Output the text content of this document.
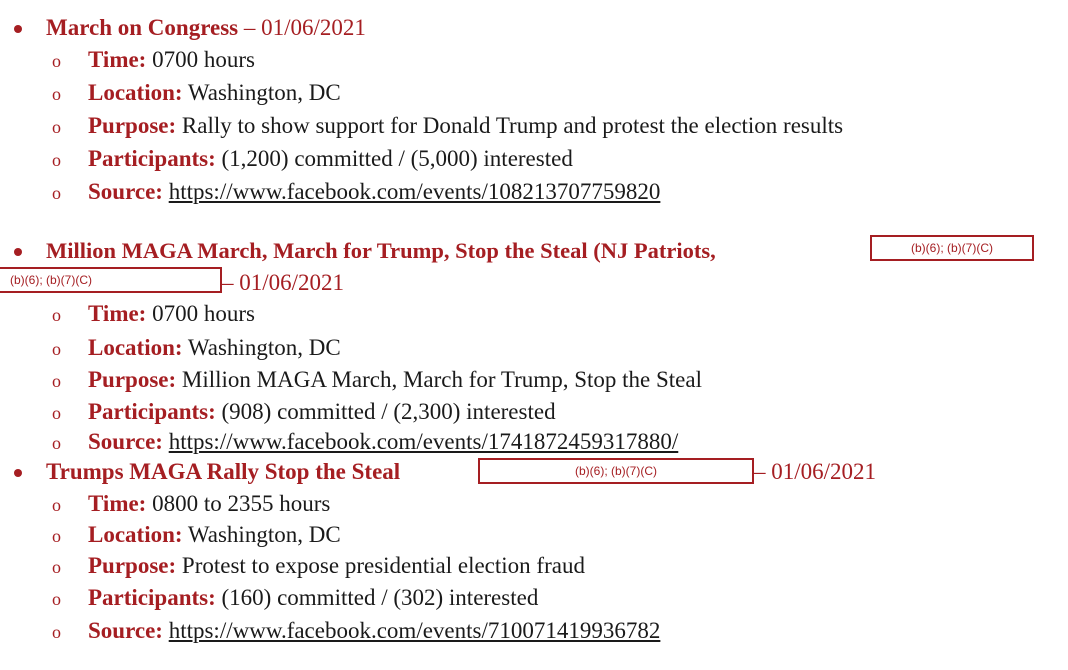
March on Congress – 01/06/2021
o Time: 0700 hours
o Location: Washington, DC
o Purpose: Rally to show support for Donald Trump and protest the election results
o Participants: (1,200) committed / (5,000) interested
o Source: https://www.facebook.com/events/108213707759820
Million MAGA March, March for Trump, Stop the Steal (NJ Patriots,	(b)(6); (b)(7)(C)
(b)(6); (b)(7)(C)	– 01/06/2021
o Time: 0700 hours
o Location: Washington, DC
o Purpose: Million MAGA March, March for Trump, Stop the Steal
o Participants: (908) committed / (2,300) interested
o Source: https://www.facebook.com/events/1741872459317880/
Trumps MAGA Rally Stop the Steal	(b)(6); (b)(7)(C)	– 01/06/2021
o Time: 0800 to 2355 hours
o Location: Washington, DC
o Purpose: Protest to expose presidential election fraud
o Participants: (160) committed / (302) interested
o Source: https://www.facebook.com/events/710071419936782
